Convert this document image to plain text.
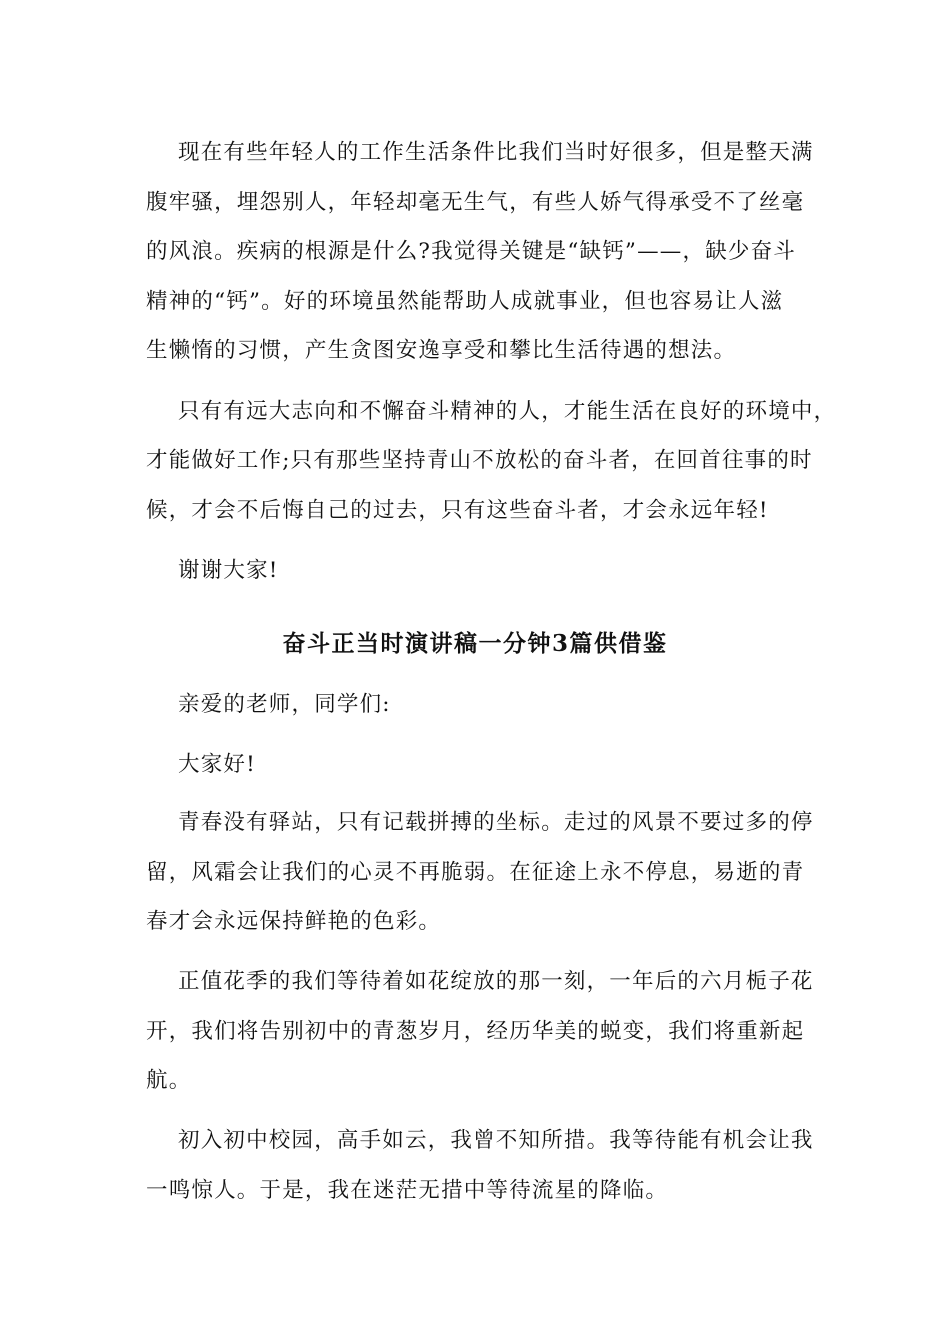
现在有些年轻人的工作生活条件比我们当时好很多，但是整天满
腹牢骚，埋怨别人，年轻却毫无生气，有些人娇气得承受不了丝毫
的风浪。疾病的根源是什么?我觉得关键是“缺钙”——，缺少奋斗
精神的“钙”。好的环境虽然能帮助人成就事业，但也容易让人滋
生懒惰的习惯，产生贪图安逸享受和攀比生活待遇的想法。
只有有远大志向和不懈奋斗精神的人，才能生活在良好的环境中，
才能做好工作;只有那些坚持青山不放松的奋斗者，在回首往事的时
候，才会不后悔自己的过去，只有这些奋斗者，才会永远年轻!
谢谢大家!
奋斗正当时演讲稿一分钟3篇供借鉴
亲爱的老师，同学们:
大家好!
青春没有驿站，只有记载拼搏的坐标。走过的风景不要过多的停
留，风霜会让我们的心灵不再脆弱。在征途上永不停息，易逝的青
春才会永远保持鲜艳的色彩。
正值花季的我们等待着如花绽放的那一刻，一年后的六月栀子花
开，我们将告别初中的青葱岁月，经历华美的蜕变，我们将重新起
航。
初入初中校园，高手如云，我曾不知所措。我等待能有机会让我
一鸣惊人。于是，我在迷茫无措中等待流星的降临。
